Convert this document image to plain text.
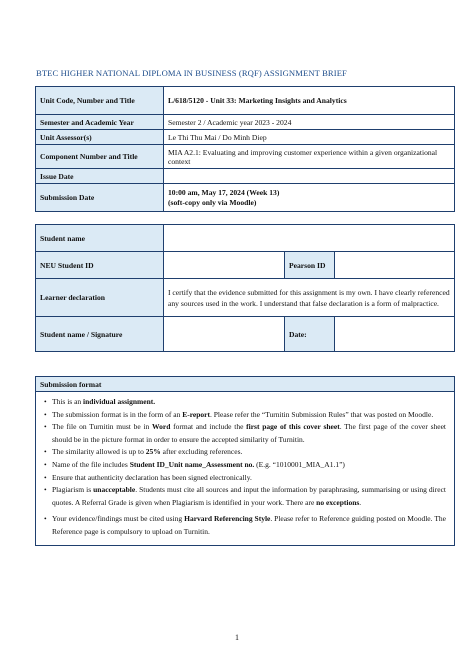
BTEC HIGHER NATIONAL DIPLOMA IN BUSINESS (RQF) ASSIGNMENT BRIEF
Unit Code, Number and Title	L/618/5120 - Unit 33: Marketing Insights and Analytics
Semester and Academic Year	Semester 2 / Academic year 2023 - 2024
Unit Assessor(s)	Le Thi Thu Mai / Do Minh Diep
Component Number and Title	MIA A2.1: Evaluating and improving customer experience within a given organizational context
Issue Date	
Submission Date	10:00 am, May 17, 2024 (Week 13)
(soft-copy only via Moodle)
Student name			
NEU Student ID		Pearson ID	
Learner declaration	I certify that the evidence submitted for this assignment is my own. I have clearly referenced any sources used in the work. I understand that false declaration is a form of malpractice.		
Student name / Signature		Date:	
Submission format

• This is an individual assignment.
• The submission format is in the form of an E-report. Please refer the “Turnitin Submission Rules” that was posted on Moodle.
• The file on Turnitin must be in Word format and include the first page of this cover sheet. The first page of the cover sheet should be in the picture format in order to ensure the accepted similarity of Turnitin.
• The similarity allowed is up to 25% after excluding references.
• Name of the file includes Student ID_Unit name_Assessment no. (E.g. “1010001_MIA_A1.1”)
• Ensure that authenticity declaration has been signed electronically.
• Plagiarism is unacceptable. Students must cite all sources and input the information by paraphrasing, summarising or using direct quotes. A Referral Grade is given when Plagiarism is identified in your work. There are no exceptions.
• Your evidence/findings must be cited using Harvard Referencing Style. Please refer to Reference guiding posted on Moodle. The Reference page is compulsory to upload on Turnitin.
1
